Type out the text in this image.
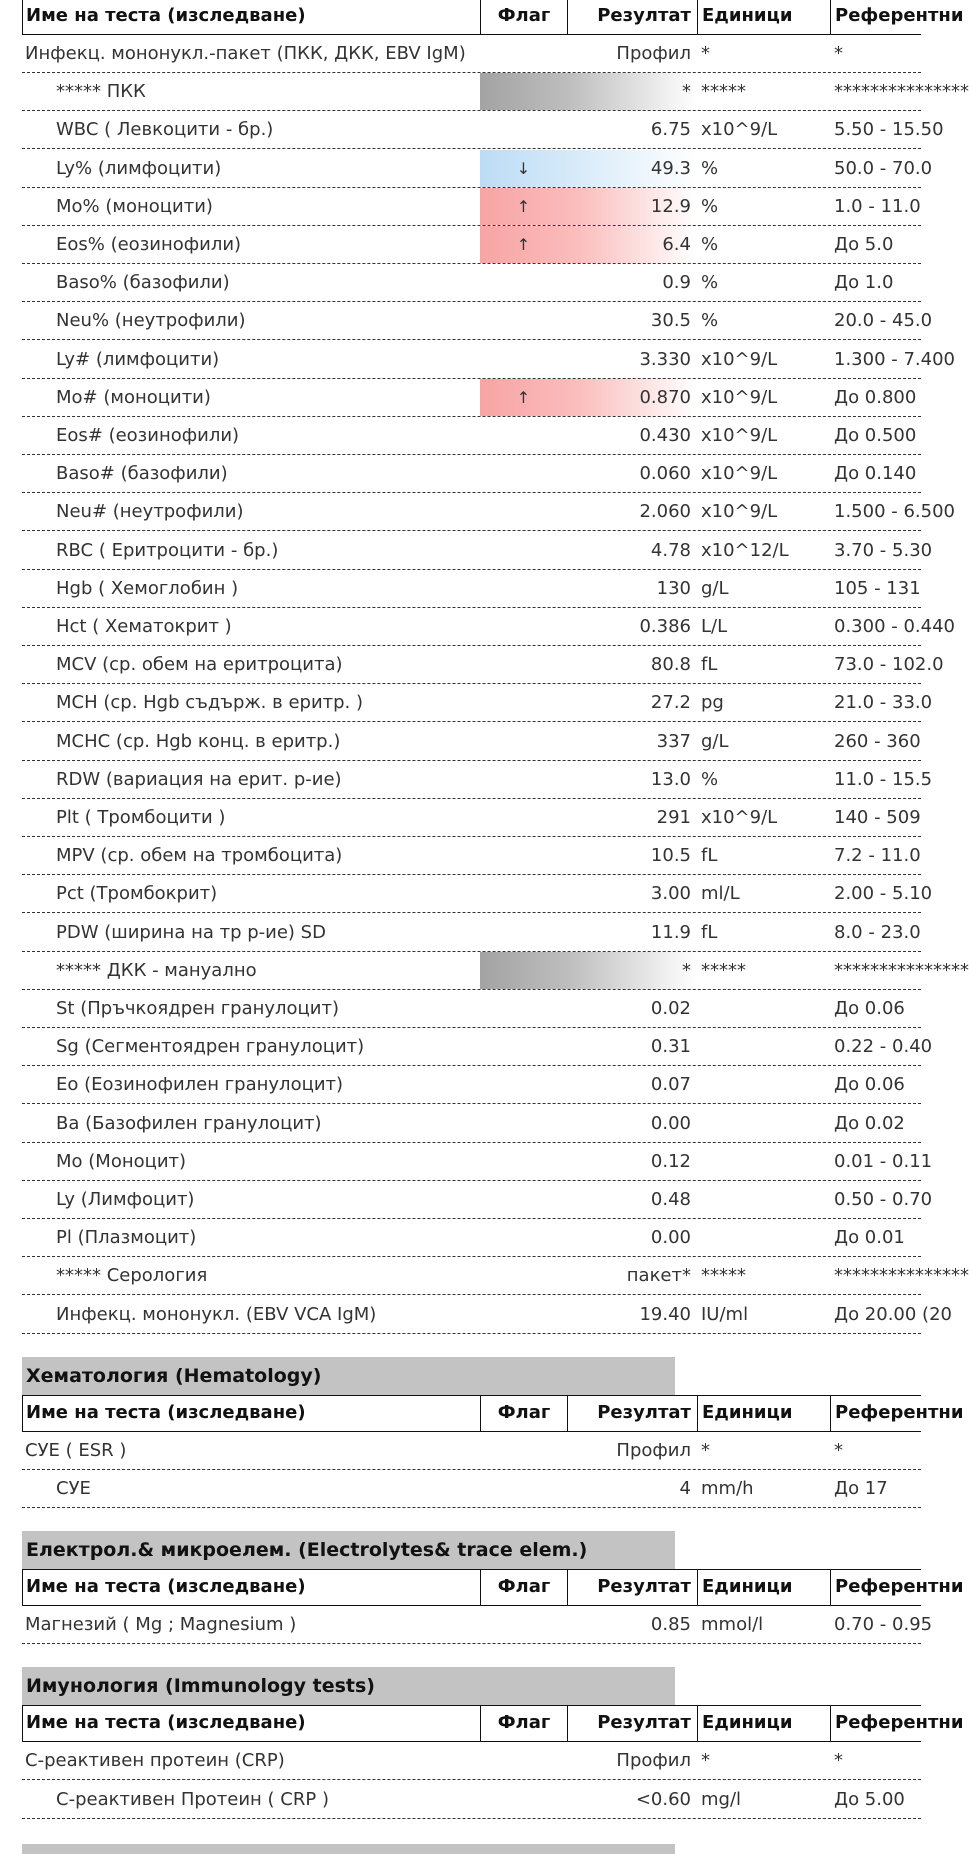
Име на теста (изследване)	Флаг	Резултат Единици	Референтни
Инфекц. мононукл.-пакет (ПКК, ДКК, EBV IgM)	Профил *	*
***** ПКК	* *****	***************
WBC ( Левкоцити - бр.)	6.75 x10^9/L	5.50 - 15.50
Ly% (лимфоцити)	↓	49.3 %	50.0 - 70.0
Mo% (моноцити)	↑	12.9 %	1.0 - 11.0
Eos% (еозинофили)	↑	6.4 %	До 5.0
Baso% (базофили)	0.9 %	До 1.0
Neu% (неутрофили)	30.5 %	20.0 - 45.0
Ly# (лимфоцити)	3.330 x10^9/L	1.300 - 7.400
Mo# (моноцити)	↑	0.870 x10^9/L	До 0.800
Eos# (еозинофили)	0.430 x10^9/L	До 0.500
Baso# (базофили)	0.060 x10^9/L	До 0.140
Neu# (неутрофили)	2.060 x10^9/L	1.500 - 6.500
RBC ( Еритроцити - бр.)	4.78 x10^12/L	3.70 - 5.30
Hgb ( Хемоглобин )	130 g/L	105 - 131
Hct ( Хематокрит )	0.386 L/L	0.300 - 0.440
MCV (ср. обем на еритроцита)	80.8 fL	73.0 - 102.0
MCH (ср. Hgb съдърж. в еритр. )	27.2 pg	21.0 - 33.0
MCHC (ср. Hgb конц. в еритр.)	337 g/L	260 - 360
RDW (вариация на ерит. р-ие)	13.0 %	11.0 - 15.5
Plt ( Тромбоцити )	291 x10^9/L	140 - 509
MPV (ср. обем на тромбоцита)	10.5 fL	7.2 - 11.0
Pct (Тромбокрит)	3.00 ml/L	2.00 - 5.10
PDW (ширина на тр р-ие) SD	11.9 fL	8.0 - 23.0
***** ДКК - мануално	* *****	***************
St (Пръчкоядрен гранулоцит)	0.02	До 0.06
Sg (Сегментоядрен гранулоцит)	0.31	0.22 - 0.40
Eo (Еозинофилен гранулоцит)	0.07	До 0.06
Ba (Базофилен гранулоцит)	0.00	До 0.02
Mo (Моноцит)	0.12	0.01 - 0.11
Ly (Лимфоцит)	0.48	0.50 - 0.70
Pl (Плазмоцит)	0.00	До 0.01
***** Серология	пакет* *****	***************
Инфекц. мононукл. (EBV VCA IgM)	19.40 IU/ml	До 20.00 (20
Хематология (Hematology)
Име на теста (изследване)	Флаг	Резултат Единици	Референтни
СУЕ ( ESR )	Профил *	*
СУЕ	4 mm/h	До 17
Електрол.& микроелем. (Electrolytes& trace elem.)
Име на теста (изследване)	Флаг	Резултат Единици	Референтни
Магнезий ( Mg ; Magnesium )	0.85 mmol/l	0.70 - 0.95
Имунология (Immunology tests)
Име на теста (изследване)	Флаг	Резултат Единици	Референтни
C-реактивен протеин (CRP)	Профил *	*
C-реактивен Протеин ( CRP )	<0.60 mg/l	До 5.00
